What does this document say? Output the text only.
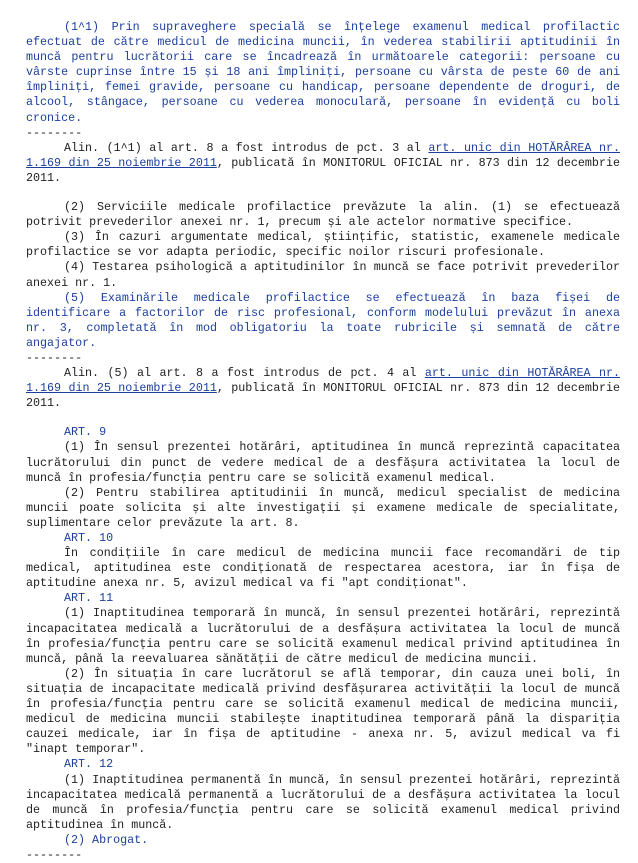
(1^1) Prin supraveghere specială se înțelege examenul medical profilactic efectuat de către medicul de medicina muncii, în vederea stabilirii aptitudinii în muncă pentru lucrătorii care se încadrează în următoarele categorii: persoane cu vârste cuprinse între 15 și 18 ani împliniți, persoane cu vârsta de peste 60 de ani împliniți, femei gravide, persoane cu handicap, persoane dependente de droguri, de alcool, stângace, persoane cu vederea monoculară, persoane în evidență cu boli cronice.

--------

Alin. (1^1) al art. 8 a fost introdus de pct. 3 al art. unic din HOTĂRÂREA nr. 1.169 din 25 noiembrie 2011, publicată în MONITORUL OFICIAL nr. 873 din 12 decembrie 2011.

(2) Serviciile medicale profilactice prevăzute la alin. (1) se efectuează potrivit prevederilor anexei nr. 1, precum și ale actelor normative specifice.

(3) În cazuri argumentate medical, științific, statistic, examenele medicale profilactice se vor adapta periodic, specific noilor riscuri profesionale.

(4) Testarea psihologică a aptitudinilor în muncă se face potrivit prevederilor anexei nr. 1.

(5) Examinările medicale profilactice se efectuează în baza fișei de identificare a factorilor de risc profesional, conform modelului prevăzut în anexa nr. 3, completată în mod obligatoriu la toate rubricile și semnată de către angajator.

--------

Alin. (5) al art. 8 a fost introdus de pct. 4 al art. unic din HOTĂRÂREA nr. 1.169 din 25 noiembrie 2011, publicată în MONITORUL OFICIAL nr. 873 din 12 decembrie 2011.

ART. 9

(1) În sensul prezentei hotărâri, aptitudinea în muncă reprezintă capacitatea lucrătorului din punct de vedere medical de a desfășura activitatea la locul de muncă în profesia/funcția pentru care se solicită examenul medical.

(2) Pentru stabilirea aptitudinii în muncă, medicul specialist de medicina muncii poate solicita și alte investigații și examene medicale de specialitate, suplimentare celor prevăzute la art. 8.

ART. 10

În condițiile în care medicul de medicina muncii face recomandări de tip medical, aptitudinea este condiționată de respectarea acestora, iar în fișa de aptitudine anexa nr. 5, avizul medical va fi "apt condiționat".

ART. 11

(1) Inaptitudinea temporară în muncă, în sensul prezentei hotărâri, reprezintă incapacitatea medicală a lucrătorului de a desfășura activitatea la locul de muncă în profesia/funcția pentru care se solicită examenul medical privind aptitudinea în muncă, până la reevaluarea sănătății de către medicul de medicina muncii.

(2) În situația în care lucrătorul se află temporar, din cauza unei boli, în situația de incapacitate medicală privind desfășurarea activității la locul de muncă în profesia/funcția pentru care se solicită examenul medical de medicina muncii, medicul de medicina muncii stabilește inaptitudinea temporară până la dispariția cauzei medicale, iar în fișa de aptitudine - anexa nr. 5, avizul medical va fi "inapt temporar".

ART. 12

(1) Inaptitudinea permanentă în muncă, în sensul prezentei hotărâri, reprezintă incapacitatea medicală permanentă a lucrătorului de a desfășura activitatea la locul de muncă în profesia/funcția pentru care se solicită examenul medical privind aptitudinea în muncă.

(2) Abrogat.

--------
